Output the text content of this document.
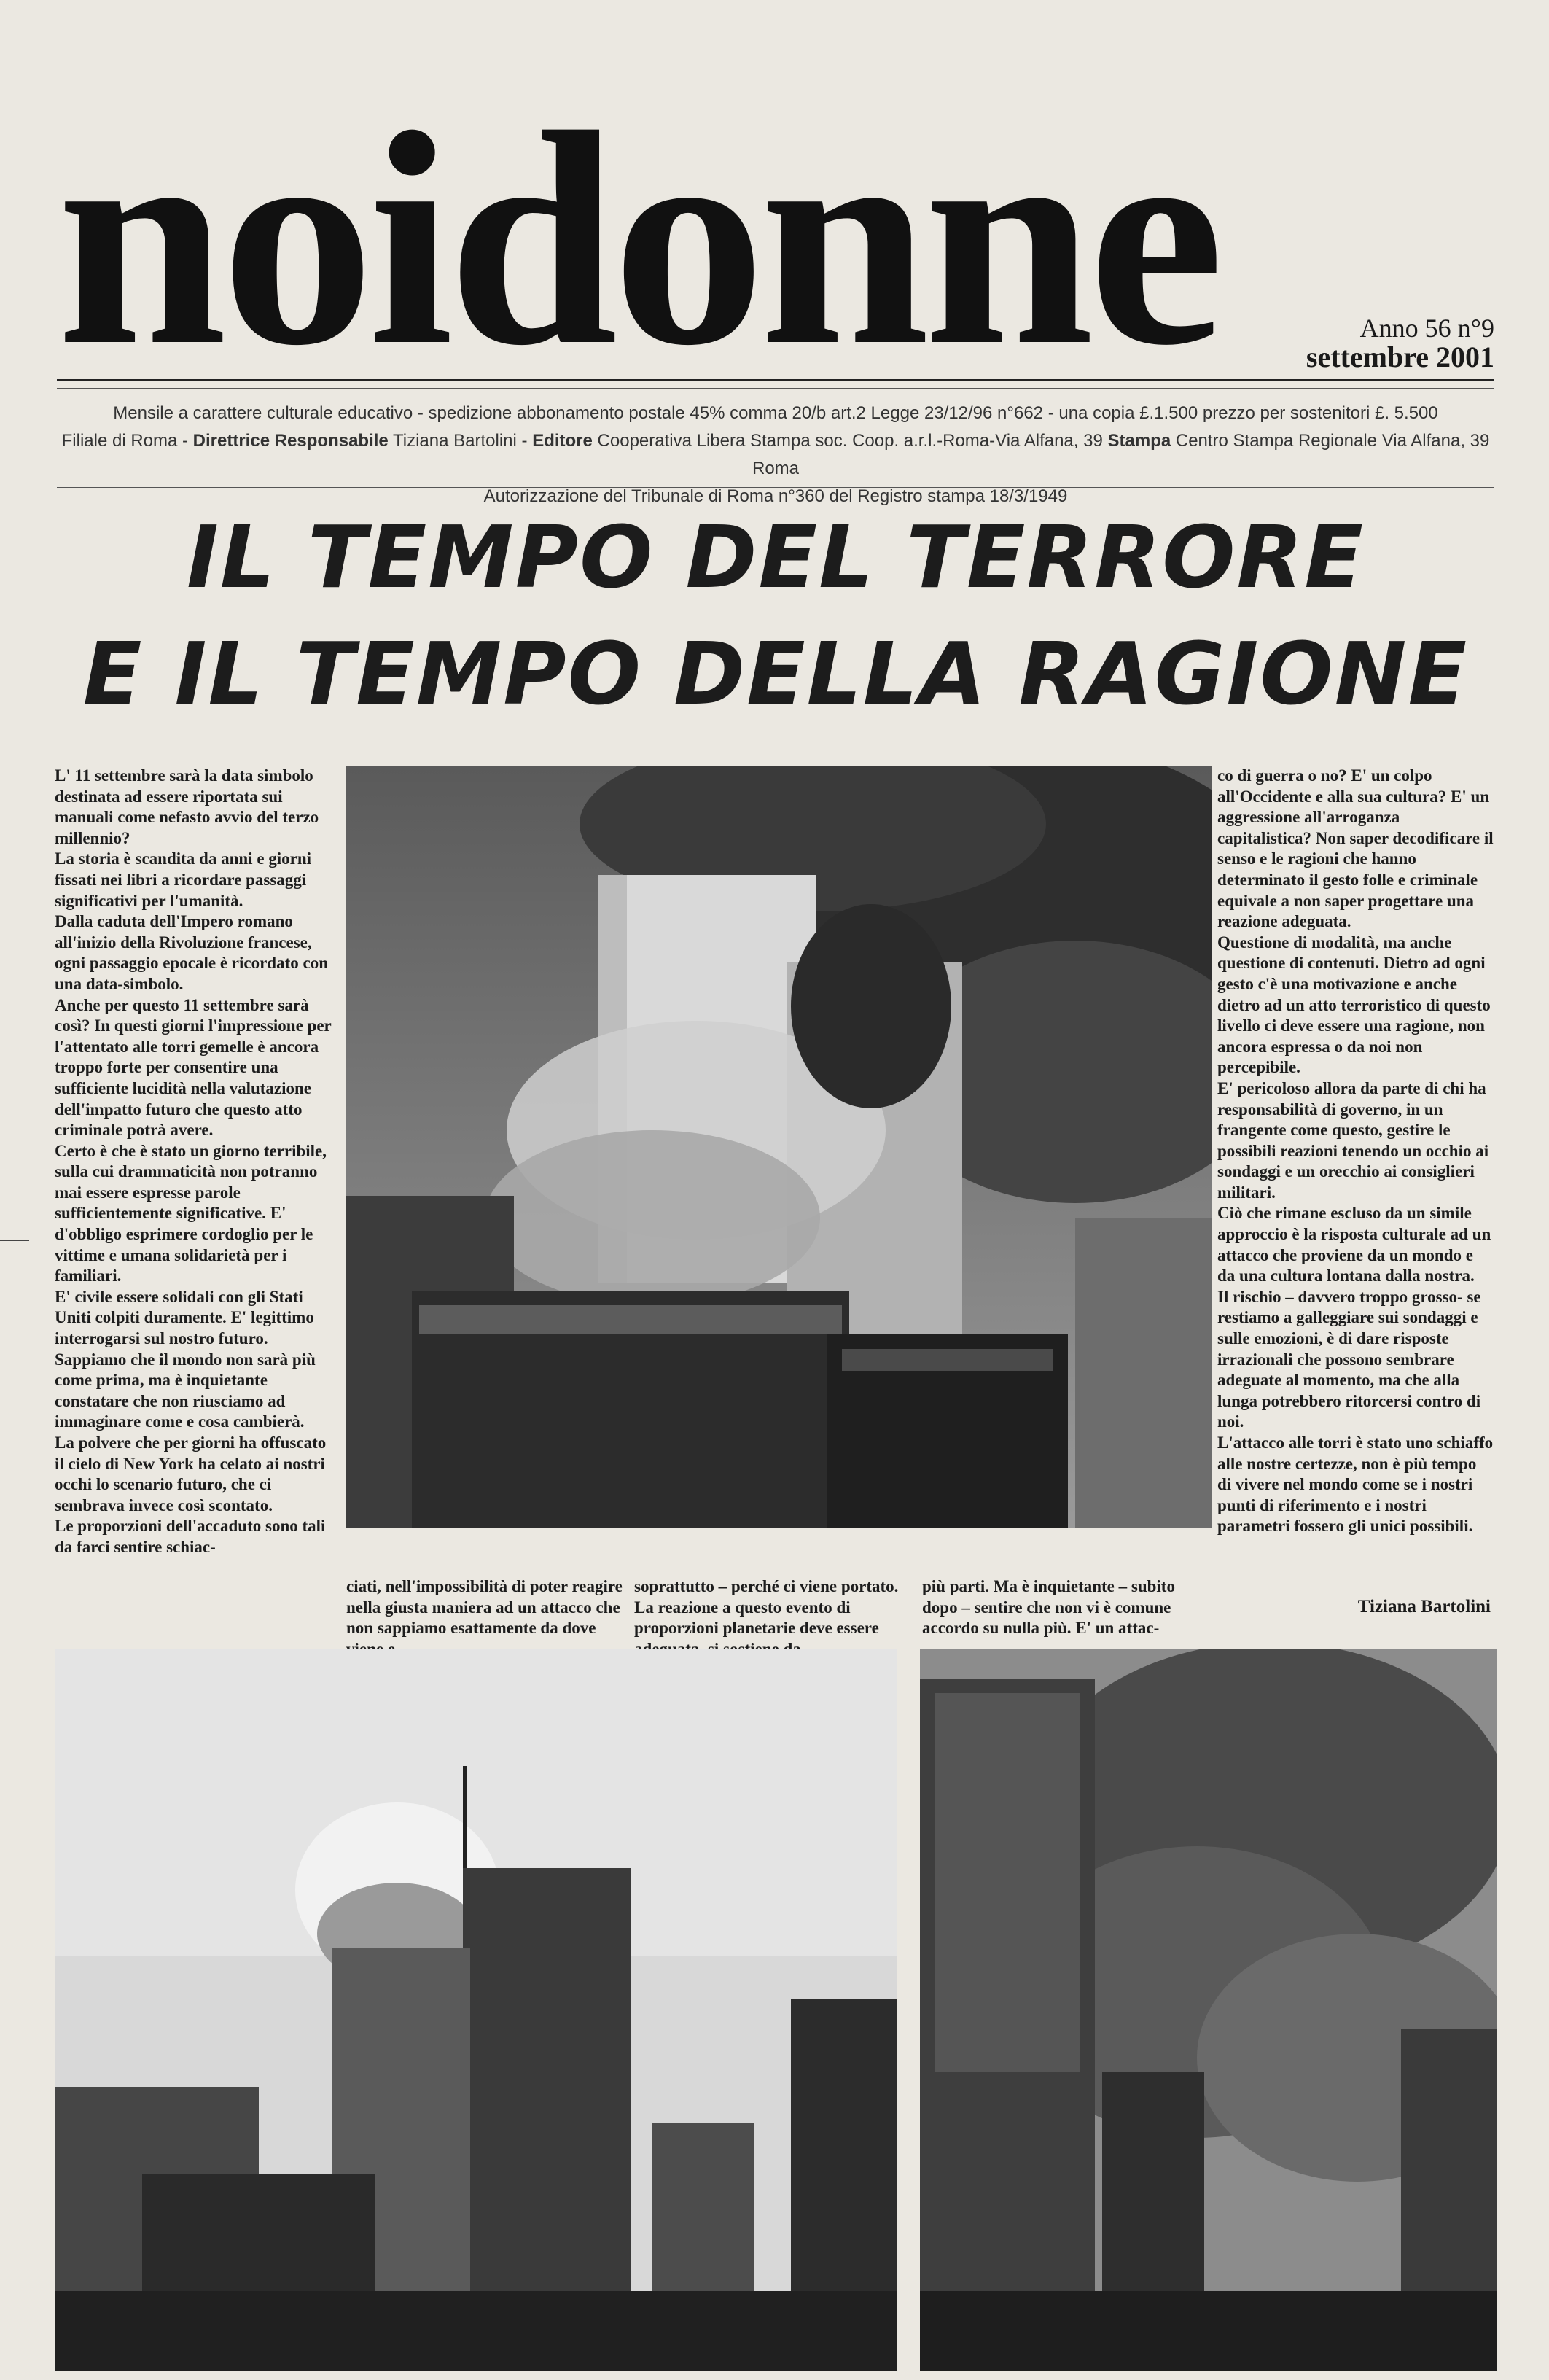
noidonne	Anno 56 n°9
settembre 2001
Mensile a carattere culturale educativo - spedizione abbonamento postale 45% comma 20/b art.2 Legge 23/12/96 n°662 - una copia £.1.500 prezzo per sostenitori £. 5.500
Filiale di Roma - Direttrice Responsabile Tiziana Bartolini - Editore Cooperativa Libera Stampa soc. Coop. a.r.l.-Roma-Via Alfana, 39 Stampa Centro Stampa Regionale Via Alfana, 39 Roma
Autorizzazione del Tribunale di Roma n°360 del Registro stampa 18/3/1949
IL TEMPO DEL TERRORE
E IL TEMPO DELLA RAGIONE

L' 11 settembre sarà la data simbolo destinata ad essere riportata sui manuali come nefasto avvio del terzo millennio?

La storia è scandita da anni e giorni fissati nei libri a ricordare passaggi significativi per l'umanità.

Dalla caduta dell'Impero romano all'inizio della Rivoluzione francese, ogni passaggio epocale è ricordato con una data-simbolo.

Anche per questo 11 settembre sarà così? In questi giorni l'impressione per l'attentato alle torri gemelle è ancora troppo forte per consentire una sufficiente lucidità nella valutazione dell'impatto futuro che questo atto criminale potrà avere.

Certo è che è stato un giorno terribile, sulla cui drammaticità non potranno mai essere espresse parole sufficientemente significative. E' d'obbligo esprimere cordoglio per le vittime e umana solidarietà per i familiari.

E' civile essere solidali con gli Stati Uniti colpiti duramente. E' legittimo interrogarsi sul nostro futuro.

Sappiamo che il mondo non sarà più come prima, ma è inquietante constatare che non riusciamo ad immaginare come e cosa cambierà.

La polvere che per giorni ha offuscato il cielo di New York ha celato ai nostri occhi lo scenario futuro, che ci sembrava invece così scontato.

Le proporzioni dell'accaduto sono tali da farci sentire schiac-

ciati, nell'impossibilità di poter reagire nella giusta maniera ad un attacco che non sappiamo esattamente da dove
soprattutto – perché ci viene portato. La reazione a questo evento di proporzioni planetarie deve essere
più parti. Ma è inquietante – subito dopo – sentire che non vi è comune accordo su nulla più. E' un attac-

co di guerra o no? E' un colpo all'Occidente e alla sua cultura? E' un aggressione all'arroganza capitalistica? Non saper decodificare il senso e le ragioni che hanno determinato il gesto folle e criminale equivale a non saper progettare una reazione adeguata.

Questione di modalità, ma anche questione di contenuti. Dietro ad ogni gesto c'è una motivazione e anche dietro ad un atto terroristico di questo livello ci deve essere una ragione, non ancora espressa o da noi non percepibile.

E' pericoloso allora da parte di chi ha responsabilità di governo, in un frangente come questo, gestire le possibili reazioni tenendo un occhio ai sondaggi e un orecchio ai consiglieri militari.

Ciò che rimane escluso da un simile approccio è la risposta culturale ad un attacco che proviene da un mondo e da una cultura lontana dalla nostra.

Il rischio – davvero troppo grosso- se restiamo a galleggiare sui sondaggi e sulle emozioni, è di dare risposte irrazionali che possono sembrare adeguate al momento, ma che alla lunga potrebbero ritorcersi contro di noi.

L'attacco alle torri è stato uno schiaffo alle nostre certezze, non è più tempo di vivere nel mondo come se i nostri punti di riferimento e i nostri parametri fossero gli unici possibili.

Tiziana Bartolini
